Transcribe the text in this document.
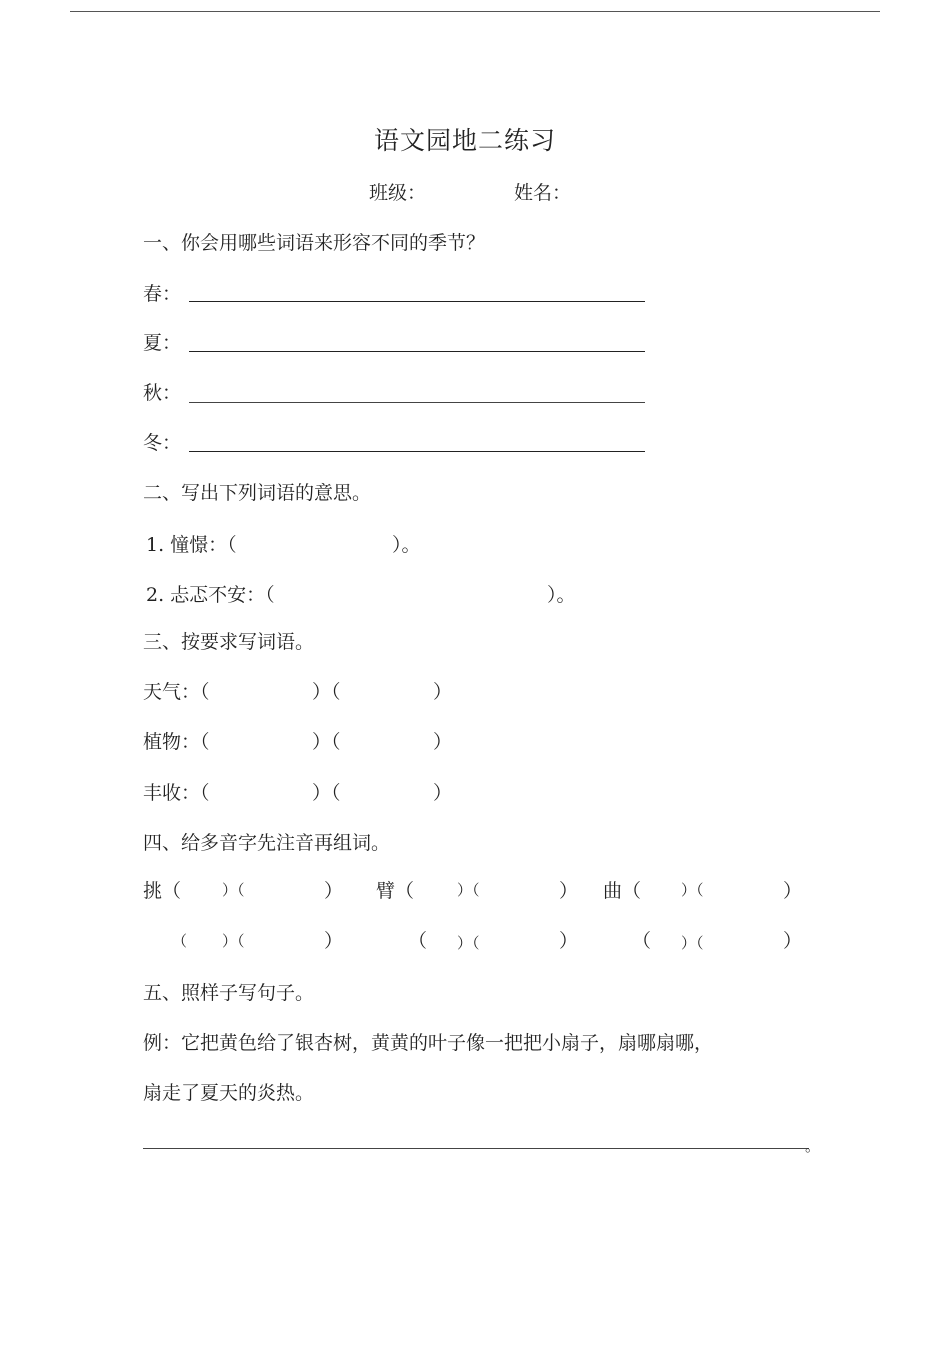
语文园地二练习
班级：	姓名：
一、你会用哪些词语来形容不同的季节？
春：
夏：
秋：
冬：
二、写出下列词语的意思。
1. 憧憬：（	）。
2. 忐忑不安：（	）。
三、按要求写词语。
天气：（	）（	）
植物：（	）（	）
丰收：（	）（	）
四、给多音字先注音再组词。
挑（	）（	） 臂（	）（	） 曲（	）（	）
（ ）（	）	（ ）（	）	（ ）（	）
五、照样子写句子。
例：它把黄色给了银杏树，黄黄的叶子像一把把小扇子，扇哪扇哪，
扇走了夏天的炎热。
。
